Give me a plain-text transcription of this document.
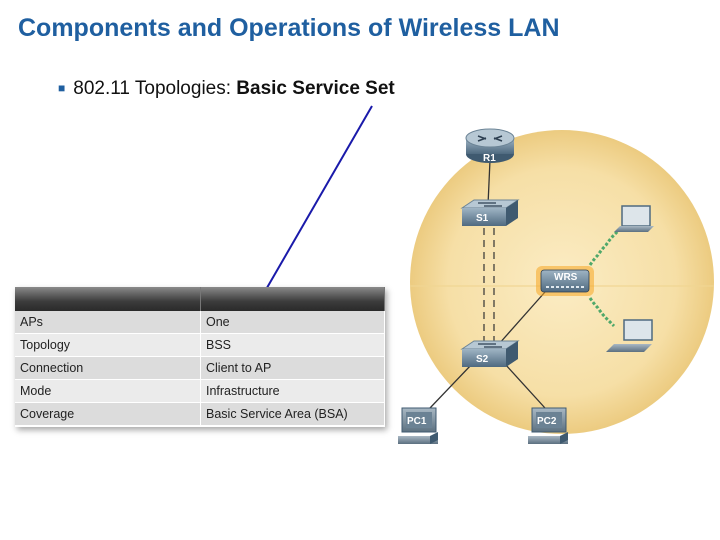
Components and Operations of Wireless LAN
■ 802.11 Topologies: Basic Service Set
R1
S1
S2
WRS
PC1	PC2

APs	One
Topology	BSS
Connection	Client to AP
Mode	Infrastructure
Coverage	Basic Service Area (BSA)
